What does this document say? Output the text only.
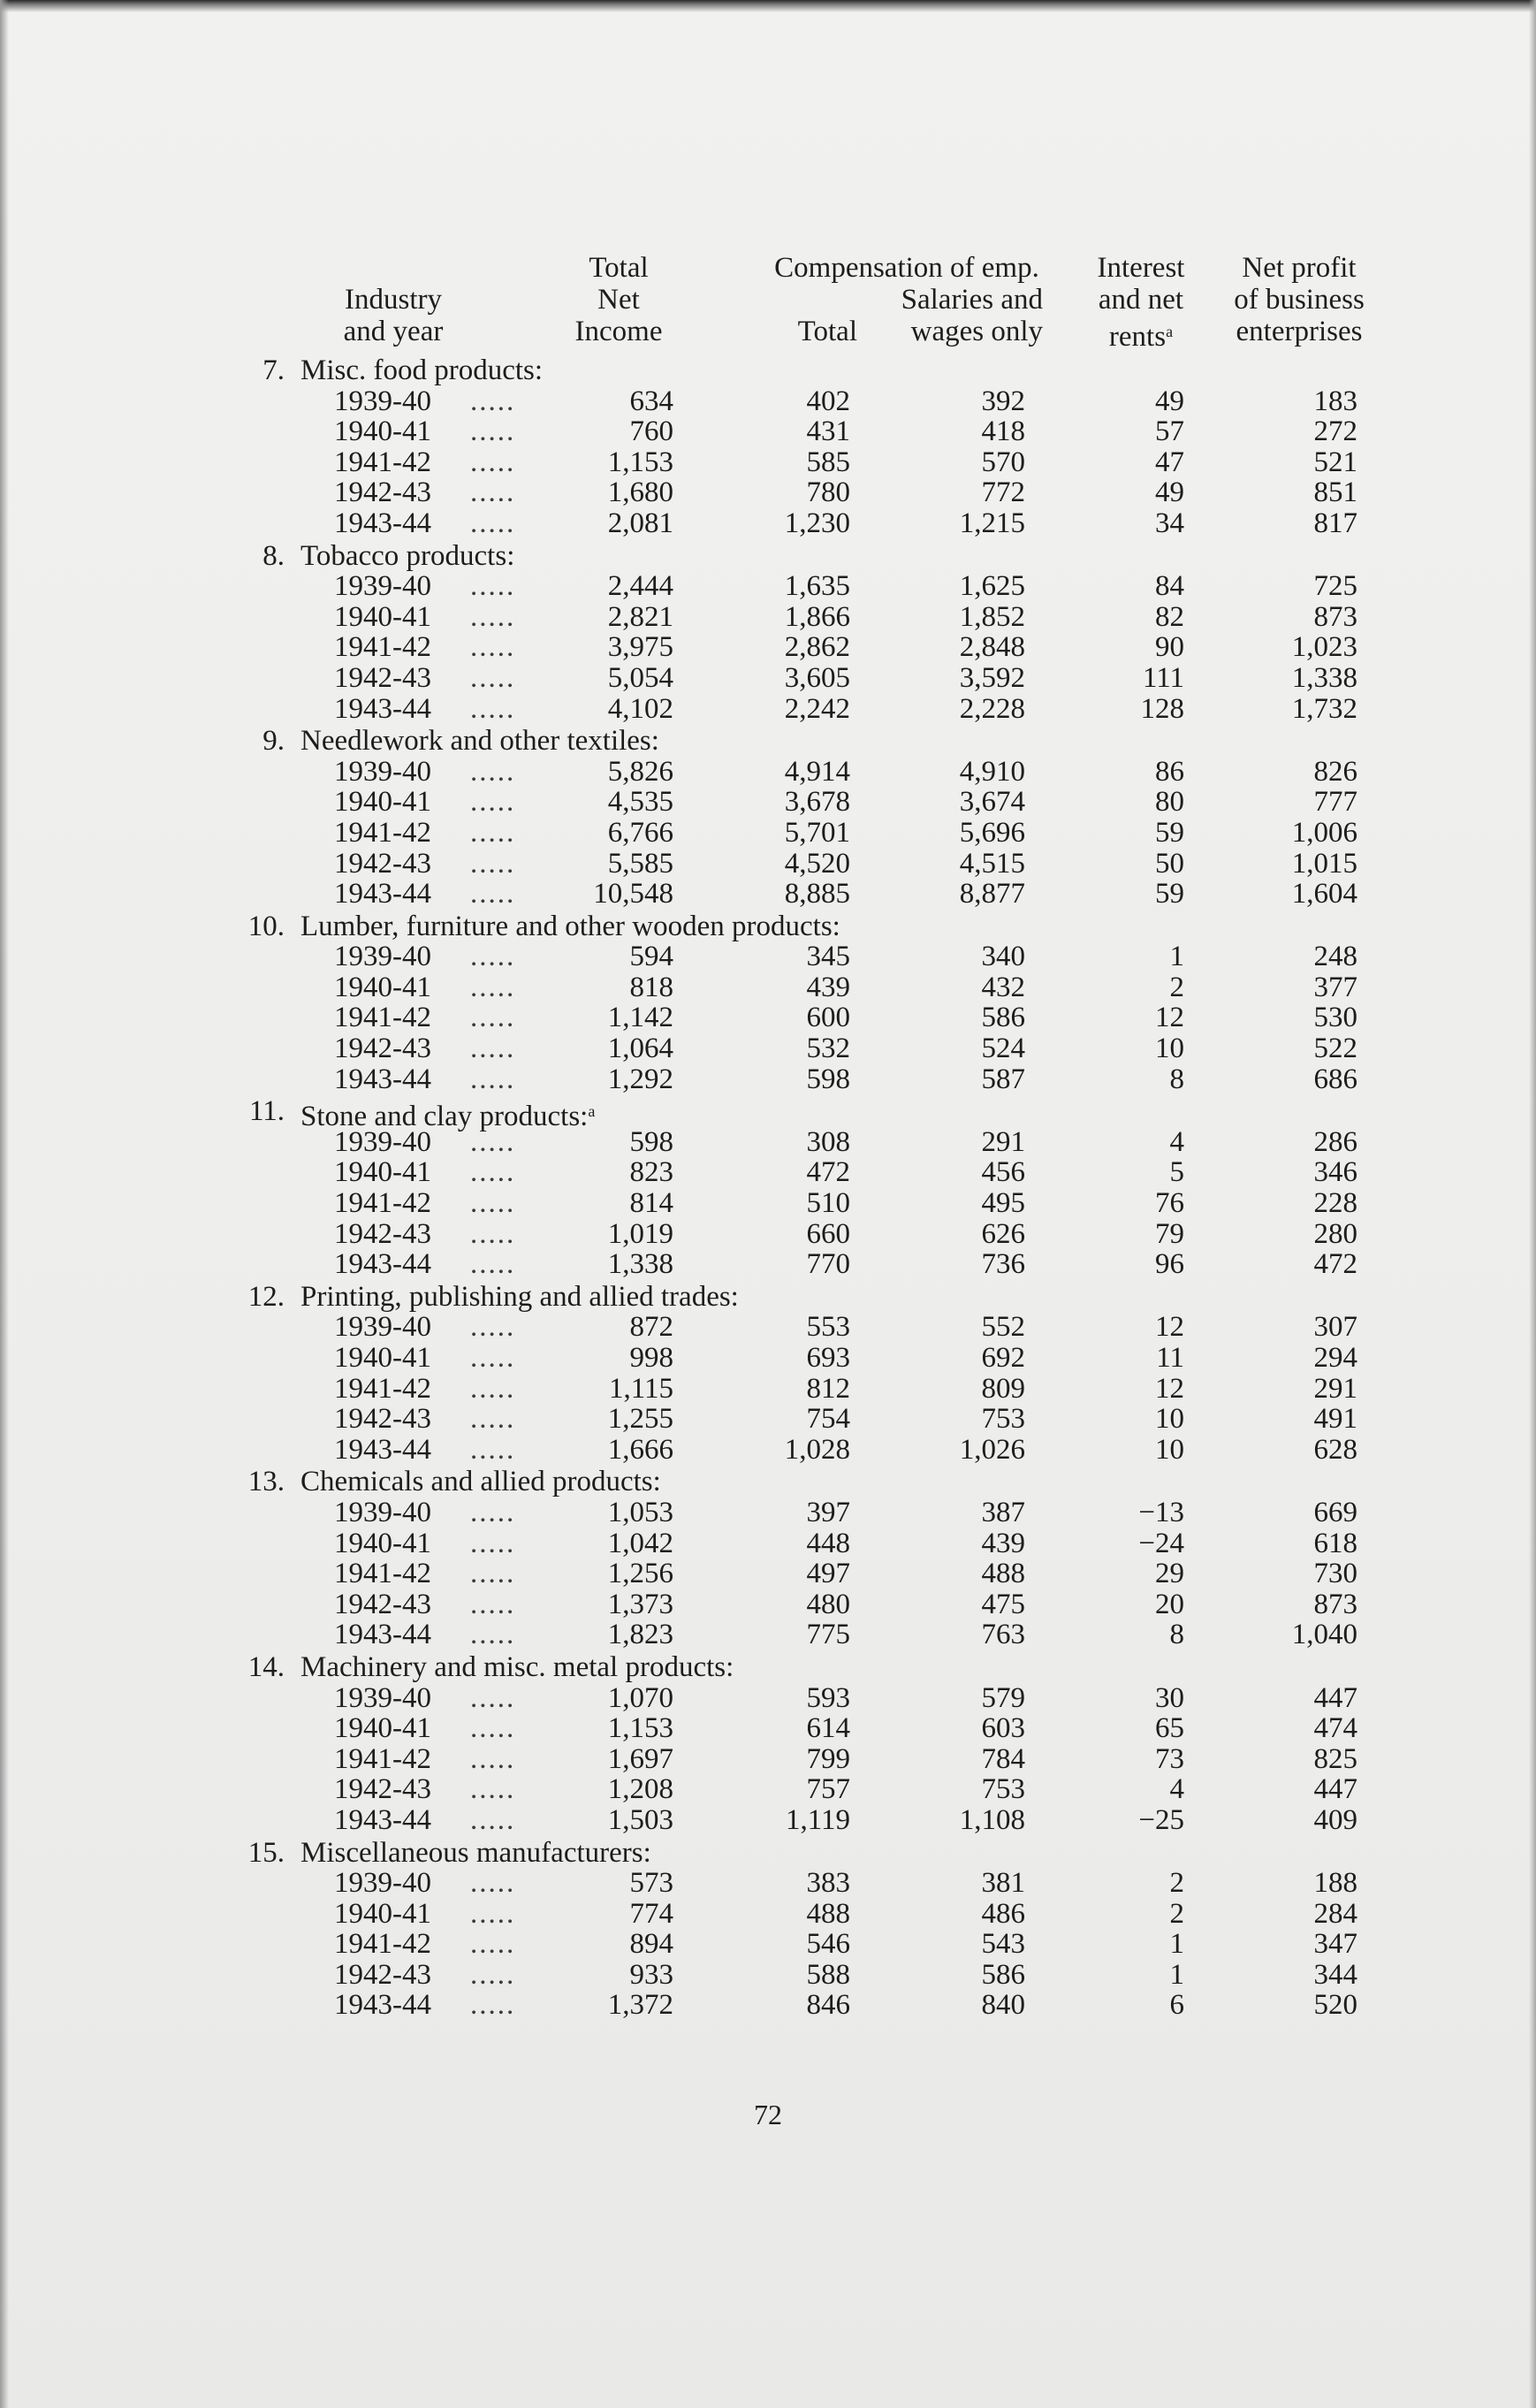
Total	Compensation of emp.	Interest	Net profit
Industry	Net	Salaries and	and net	of business
and year	Income	Total	wages only	rents$^a$	enterprises
7. Misc. food products:
1939-40 .....	634	402	392	49	183
1940-41 .....	760	431	418	57	272
1941-42 .....	1,153	585	570	47	521
1942-43 .....	1,680	780	772	49	851
1943-44 .....	2,081	1,230	1,215	34	817
8. Tobacco products:
1939-40 .....	2,444	1,635	1,625	84	725
1940-41 .....	2,821	1,866	1,852	82	873
1941-42 .....	3,975	2,862	2,848	90	1,023
1942-43 .....	5,054	3,605	3,592	111	1,338
1943-44 .....	4,102	2,242	2,228	128	1,732
9. Needlework and other textiles:
1939-40 .....	5,826	4,914	4,910	86	826
1940-41 .....	4,535	3,678	3,674	80	777
1941-42 .....	6,766	5,701	5,696	59	1,006
1942-43 .....	5,585	4,520	4,515	50	1,015
1943-44 .....	10,548	8,885	8,877	59	1,604
10. Lumber, furniture and other wooden products:
1939-40 .....	594	345	340	1	248
1940-41 .....	818	439	432	2	377
1941-42 .....	1,142	600	586	12	530
1942-43 .....	1,064	532	524	10	522
1943-44 .....	1,292	598	587	8	686
11. Stone and clay products:$^a$
1939-40 .....	598	308	291	4	286
1940-41 .....	823	472	456	5	346
1941-42 .....	814	510	495	76	228
1942-43 .....	1,019	660	626	79	280
1943-44 .....	1,338	770	736	96	472
12. Printing, publishing and allied trades:
1939-40 .....	872	553	552	12	307
1940-41 .....	998	693	692	11	294
1941-42 .....	1,115	812	809	12	291
1942-43 .....	1,255	754	753	10	491
1943-44 .....	1,666	1,028	1,026	10	628
13. Chemicals and allied products:
1939-40 .....	1,053	397	387	−13	669
1940-41 .....	1,042	448	439	−24	618
1941-42 .....	1,256	497	488	29	730
1942-43 .....	1,373	480	475	20	873
1943-44 .....	1,823	775	763	8	1,040
14. Machinery and misc. metal products:
1939-40 .....	1,070	593	579	30	447
1940-41 .....	1,153	614	603	65	474
1941-42 .....	1,697	799	784	73	825
1942-43 .....	1,208	757	753	4	447
1943-44 .....	1,503	1,119	1,108	−25	409
15. Miscellaneous manufacturers:
1939-40 .....	573	383	381	2	188
1940-41 .....	774	488	486	2	284
1941-42 .....	894	546	543	1	347
1942-43 .....	933	588	586	1	344
1943-44 .....	1,372	846	840	6	520
72
